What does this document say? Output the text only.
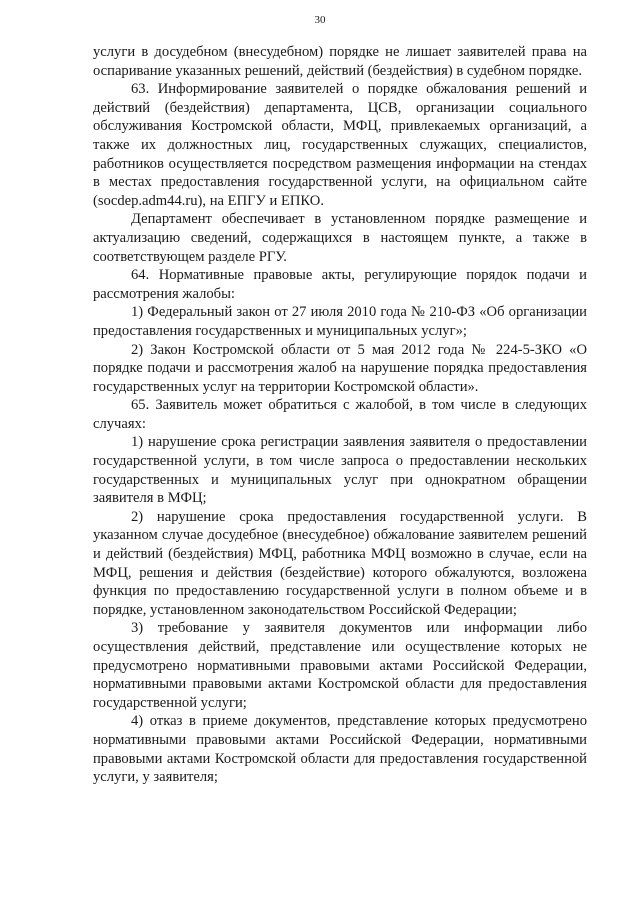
30

услуги в досудебном (внесудебном) порядке не лишает заявителей права на оспаривание указанных решений, действий (бездействия) в судебном порядке.

63. Информирование заявителей о порядке обжалования решений и действий (бездействия) департамента, ЦСВ, организации социального обслуживания Костромской области, МФЦ, привлекаемых организаций, а также их должностных лиц, государственных служащих, специалистов, работников осуществляется посредством размещения информации на стендах в местах предоставления государственной услуги, на официальном сайте (socdep.adm44.ru), на ЕПГУ и ЕПКО.

Департамент обеспечивает в установленном порядке размещение и актуализацию сведений, содержащихся в настоящем пункте, а также в соответствующем разделе РГУ.

64. Нормативные правовые акты, регулирующие порядок подачи и рассмотрения жалобы:

1) Федеральный закон от 27 июля 2010 года № 210-ФЗ «Об организации предоставления государственных и муниципальных услуг»;

2) Закон Костромской области от 5 мая 2012 года № 224-5-ЗКО «О порядке подачи и рассмотрения жалоб на нарушение порядка предоставления государственных услуг на территории Костромской области».

65. Заявитель может обратиться с жалобой, в том числе в следующих случаях:

1) нарушение срока регистрации заявления заявителя о предоставлении государственной услуги, в том числе запроса о предоставлении нескольких государственных и муниципальных услуг при однократном обращении заявителя в МФЦ;

2) нарушение срока предоставления государственной услуги. В указанном случае досудебное (внесудебное) обжалование заявителем решений и действий (бездействия) МФЦ, работника МФЦ возможно в случае, если на МФЦ, решения и действия (бездействие) которого обжалуются, возложена функция по предоставлению государственной услуги в полном объеме и в порядке, установленном законодательством Российской Федерации;

3) требование у заявителя документов или информации либо осуществления действий, представление или осуществление которых не предусмотрено нормативными правовыми актами Российской Федерации, нормативными правовыми актами Костромской области для предоставления государственной услуги;

4) отказ в приеме документов, представление которых предусмотрено нормативными правовыми актами Российской Федерации, нормативными правовыми актами Костромской области для предоставления государственной услуги, у заявителя;
